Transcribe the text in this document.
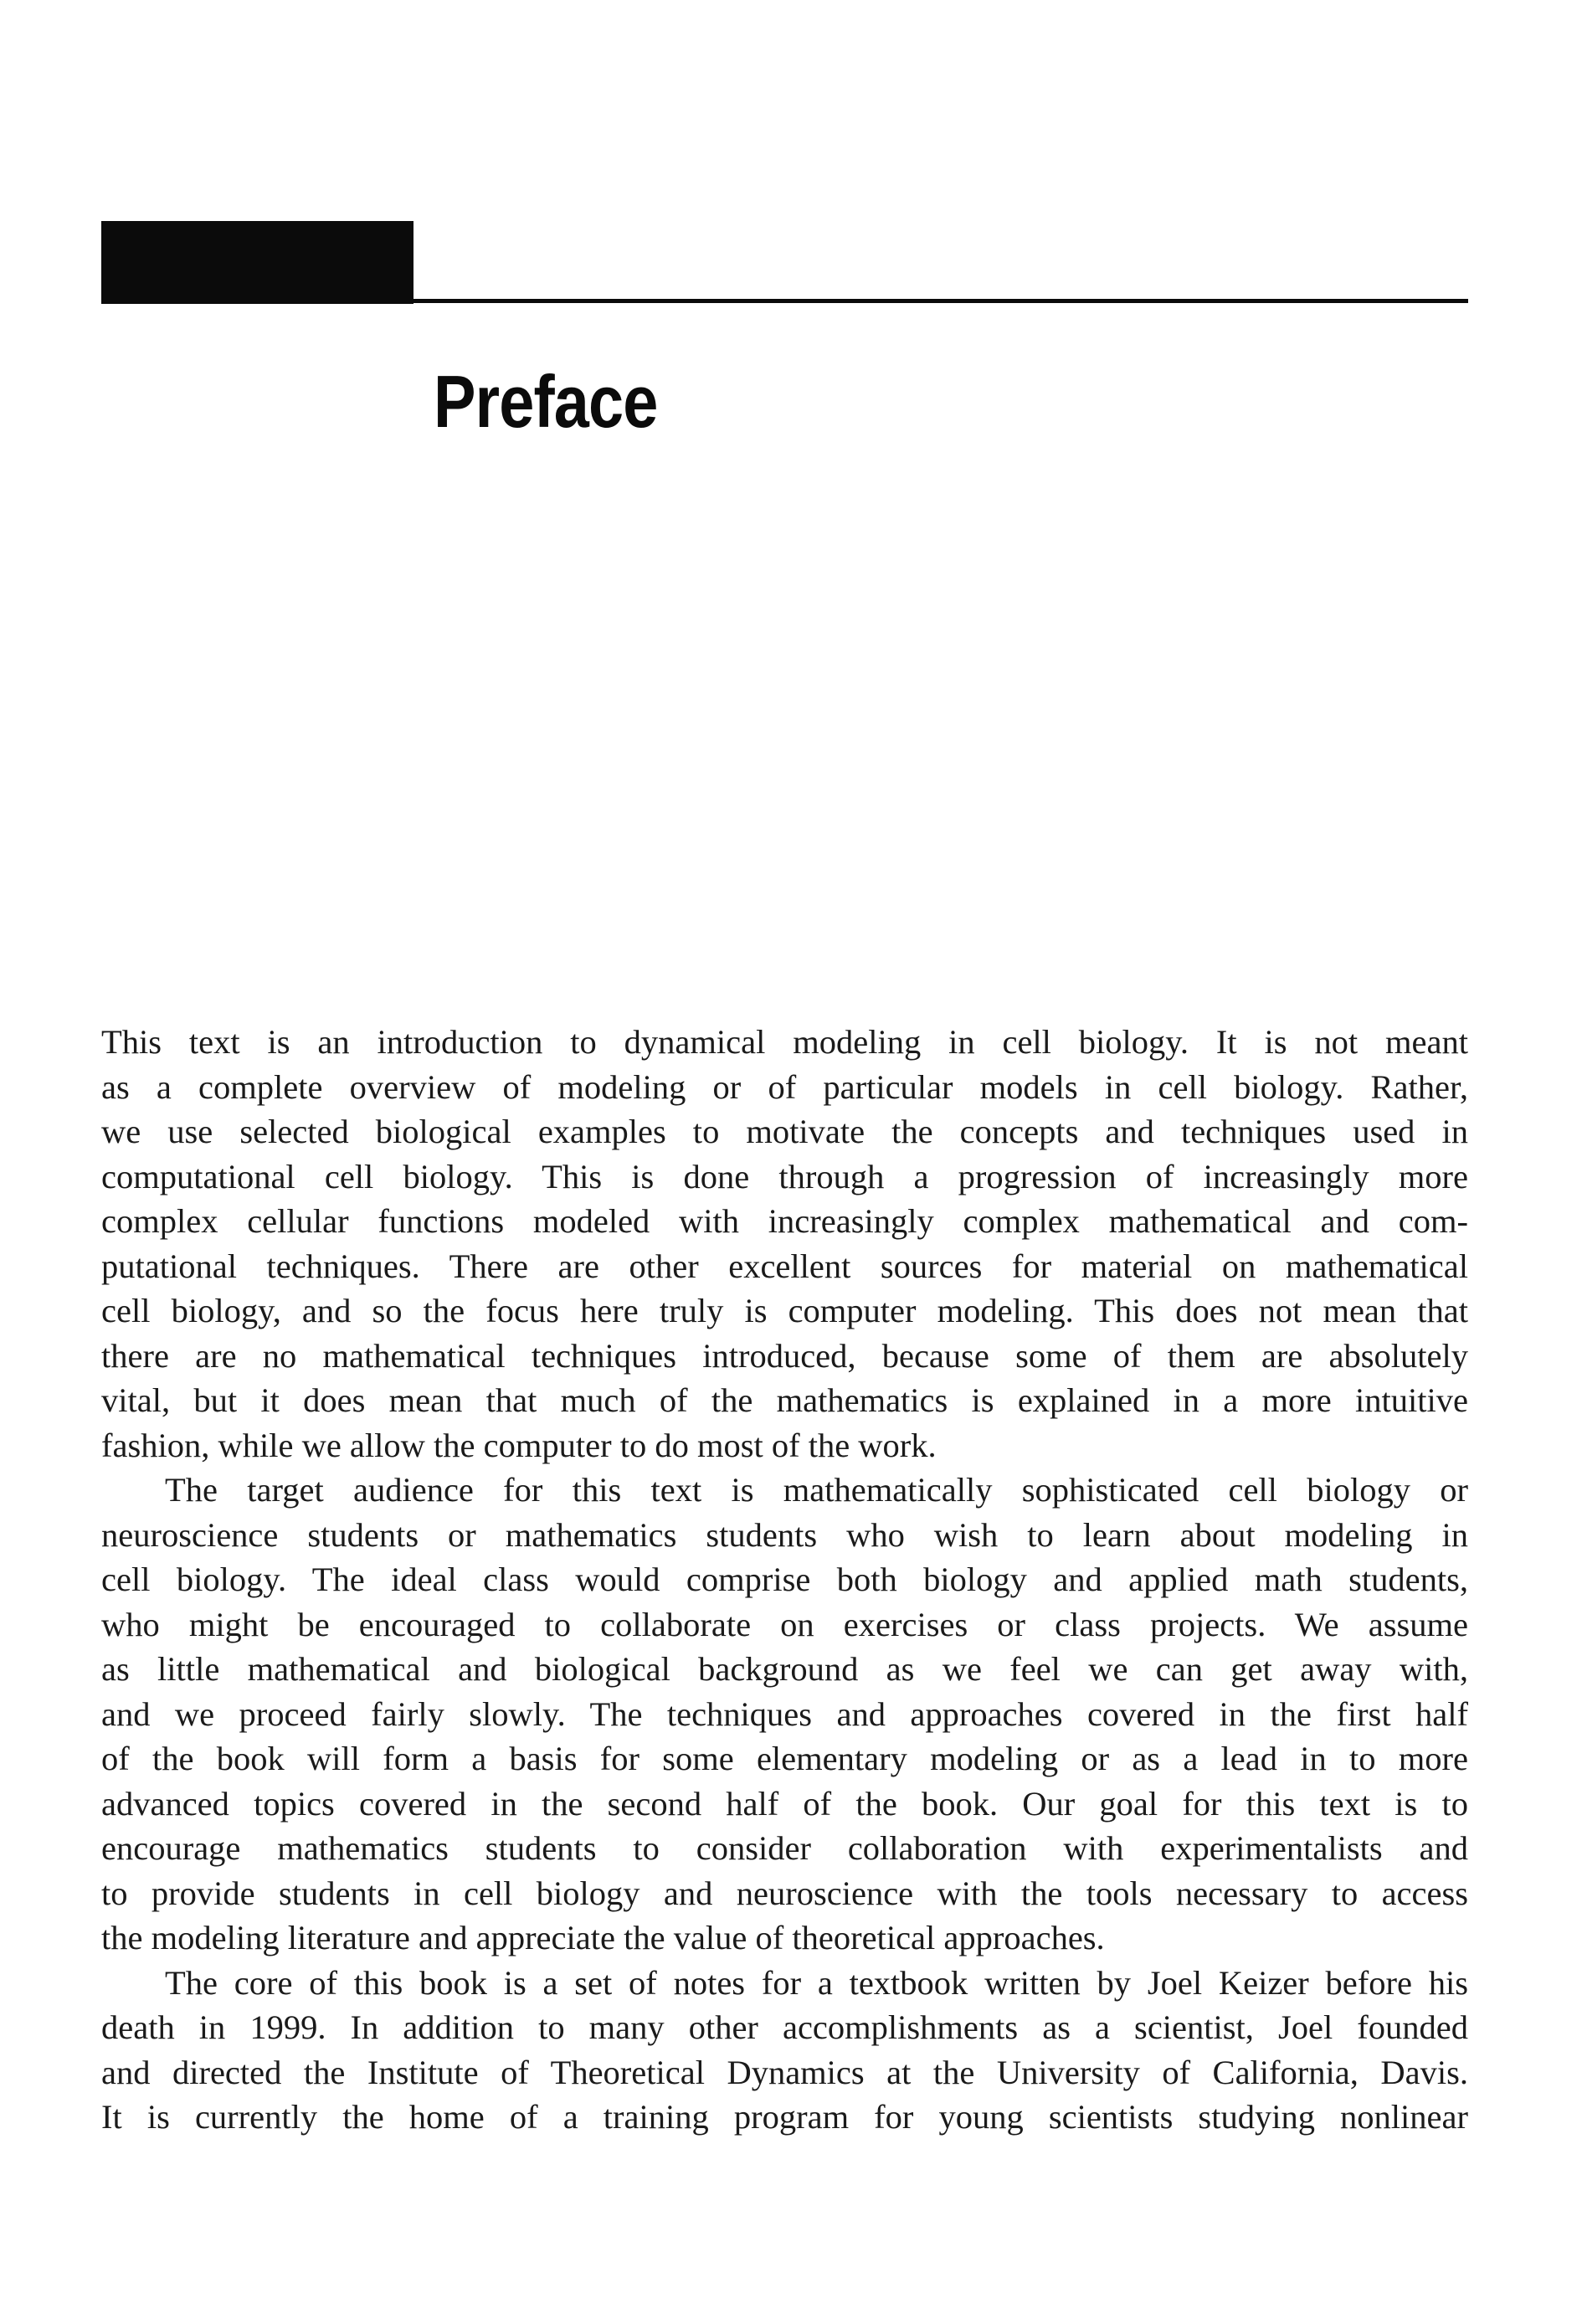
Preface
This text is an introduction to dynamical modeling in cell biology. It is not meant
as a complete overview of modeling or of particular models in cell biology. Rather,
we use selected biological examples to motivate the concepts and techniques used in
computational cell biology. This is done through a progression of increasingly more
complex cellular functions modeled with increasingly complex mathematical and com-
putational techniques. There are other excellent sources for material on mathematical
cell biology, and so the focus here truly is computer modeling. This does not mean that
there are no mathematical techniques introduced, because some of them are absolutely
vital, but it does mean that much of the mathematics is explained in a more intuitive
fashion, while we allow the computer to do most of the work.
The target audience for this text is mathematically sophisticated cell biology or
neuroscience students or mathematics students who wish to learn about modeling in
cell biology. The ideal class would comprise both biology and applied math students,
who might be encouraged to collaborate on exercises or class projects. We assume
as little mathematical and biological background as we feel we can get away with,
and we proceed fairly slowly. The techniques and approaches covered in the first half
of the book will form a basis for some elementary modeling or as a lead in to more
advanced topics covered in the second half of the book. Our goal for this text is to
encourage mathematics students to consider collaboration with experimentalists and
to provide students in cell biology and neuroscience with the tools necessary to access
the modeling literature and appreciate the value of theoretical approaches.
The core of this book is a set of notes for a textbook written by Joel Keizer before his
death in 1999. In addition to many other accomplishments as a scientist, Joel founded
and directed the Institute of Theoretical Dynamics at the University of California, Davis.
It is currently the home of a training program for young scientists studying nonlinear
